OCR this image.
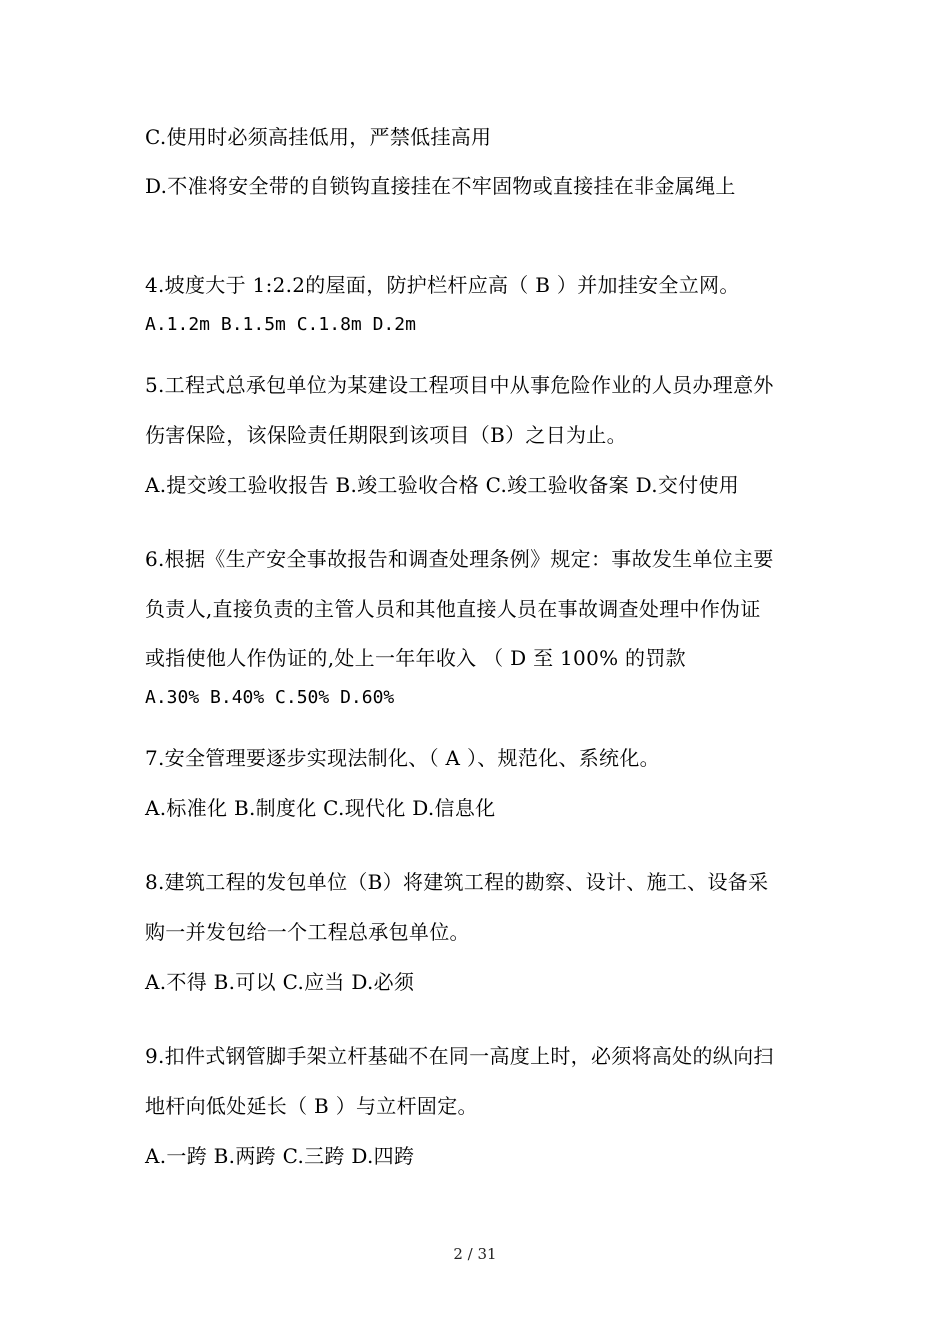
C.使用时必须高挂低用，严禁低挂高用
D.不准将安全带的自锁钩直接挂在不牢固物或直接挂在非金属绳上
4.坡度大于 1:2.2的屋面，防护栏杆应高（ B ）并加挂安全立网。
A.1.2m B.1.5m C.1.8m D.2m
5.工程式总承包单位为某建设工程项目中从事危险作业的人员办理意外
伤害保险，该保险责任期限到该项目（B）之日为止。
A.提交竣工验收报告 B.竣工验收合格 C.竣工验收备案 D.交付使用
6.根据《生产安全事故报告和调查处理条例》规定：事故发生单位主要
负责人,直接负责的主管人员和其他直接人员在事故调查处理中作伪证
或指使他人作伪证的,处上一年年收入 （ D 至 100% 的罚款
A.30% B.40% C.50% D.60%
7.安全管理要逐步实现法制化、（ A ）、规范化、系统化。
A.标准化 B.制度化 C.现代化 D.信息化
8.建筑工程的发包单位（B）将建筑工程的勘察、设计、施工、设备采
购一并发包给一个工程总承包单位。
A.不得 B.可以 C.应当 D.必须
9.扣件式钢管脚手架立杆基础不在同一高度上时，必须将高处的纵向扫
地杆向低处延长（ B ）与立杆固定。
A.一跨 B.两跨 C.三跨 D.四跨
2 / 31
